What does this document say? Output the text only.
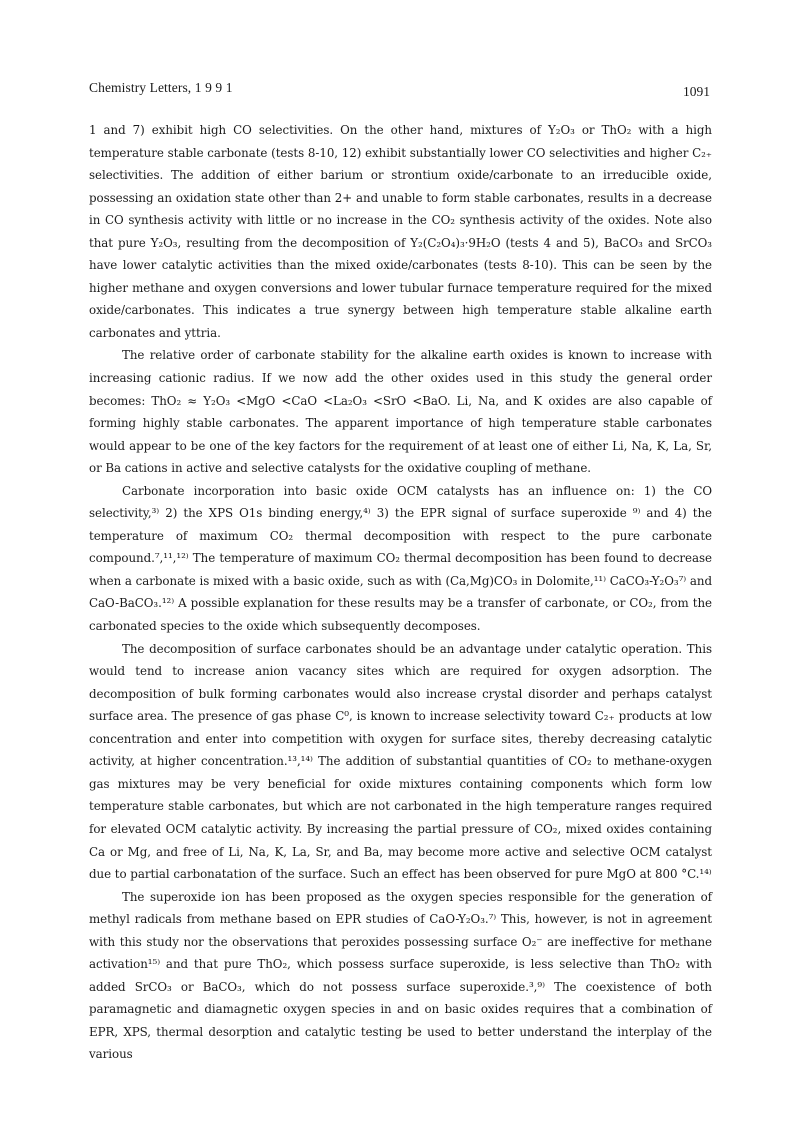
Chemistry Letters, 1 9 9 1	1091

1 and 7) exhibit high CO selectivities. On the other hand, mixtures of Y₂O₃ or ThO₂ with a high temperature stable carbonate (tests 8-10, 12) exhibit substantially lower CO selectivities and higher C₂₊ selectivities. The addition of either barium or strontium oxide/carbonate to an irreducible oxide, possessing an oxidation state other than 2+ and unable to form stable carbonates, results in a decrease in CO synthesis activity with little or no increase in the CO₂ synthesis activity of the oxides. Note also that pure Y₂O₃, resulting from the decomposition of Y₂(C₂O₄)₃·9H₂O (tests 4 and 5), BaCO₃ and SrCO₃ have lower catalytic activities than the mixed oxide/carbonates (tests 8-10). This can be seen by the higher methane and oxygen conversions and lower tubular furnace temperature required for the mixed oxide/carbonates. This indicates a true synergy between high temperature stable alkaline earth carbonates and yttria.

The relative order of carbonate stability for the alkaline earth oxides is known to increase with increasing cationic radius. If we now add the other oxides used in this study the general order becomes: ThO₂ ≈ Y₂O₃ <MgO <CaO <La₂O₃ <SrO <BaO. Li, Na, and K oxides are also capable of forming highly stable carbonates. The apparent importance of high temperature stable carbonates would appear to be one of the key factors for the requirement of at least one of either Li, Na, K, La, Sr, or Ba cations in active and selective catalysts for the oxidative coupling of methane.

Carbonate incorporation into basic oxide OCM catalysts has an influence on: 1) the CO selectivity,³⁾ 2) the XPS O1s binding energy,⁴⁾ 3) the EPR signal of surface superoxide ⁹⁾ and 4) the temperature of maximum CO₂ thermal decomposition with respect to the pure carbonate compound.⁷,¹¹,¹²⁾ The temperature of maximum CO₂ thermal decomposition has been found to decrease when a carbonate is mixed with a basic oxide, such as with (Ca,Mg)CO₃ in Dolomite,¹¹⁾ CaCO₃-Y₂O₃⁷⁾ and CaO-BaCO₃.¹²⁾ A possible explanation for these results may be a transfer of carbonate, or CO₂, from the carbonated species to the oxide which subsequently decomposes.

The decomposition of surface carbonates should be an advantage under catalytic operation. This would tend to increase anion vacancy sites which are required for oxygen adsorption. The decomposition of bulk forming carbonates would also increase crystal disorder and perhaps catalyst surface area. The presence of gas phase C⁰, is known to increase selectivity toward C₂₊ products at low concentration and enter into competition with oxygen for surface sites, thereby decreasing catalytic activity, at higher concentration.¹³,¹⁴⁾ The addition of substantial quantities of CO₂ to methane-oxygen gas mixtures may be very beneficial for oxide mixtures containing components which form low temperature stable carbonates, but which are not carbonated in the high temperature ranges required for elevated OCM catalytic activity. By increasing the partial pressure of CO₂, mixed oxides containing Ca or Mg, and free of Li, Na, K, La, Sr, and Ba, may become more active and selective OCM catalyst due to partial carbonatation of the surface. Such an effect has been observed for pure MgO at 800 °C.¹⁴⁾

The superoxide ion has been proposed as the oxygen species responsible for the generation of methyl radicals from methane based on EPR studies of CaO-Y₂O₃.⁷⁾ This, however, is not in agreement with this study nor the observations that peroxides possessing surface O₂⁻ are ineffective for methane activation¹⁵⁾ and that pure ThO₂, which possess surface superoxide, is less selective than ThO₂ with added SrCO₃ or BaCO₃, which do not possess surface superoxide.³,⁹⁾ The coexistence of both paramagnetic and diamagnetic oxygen species in and on basic oxides requires that a combination of EPR, XPS, thermal desorption and catalytic testing be used to better understand the interplay of the various
